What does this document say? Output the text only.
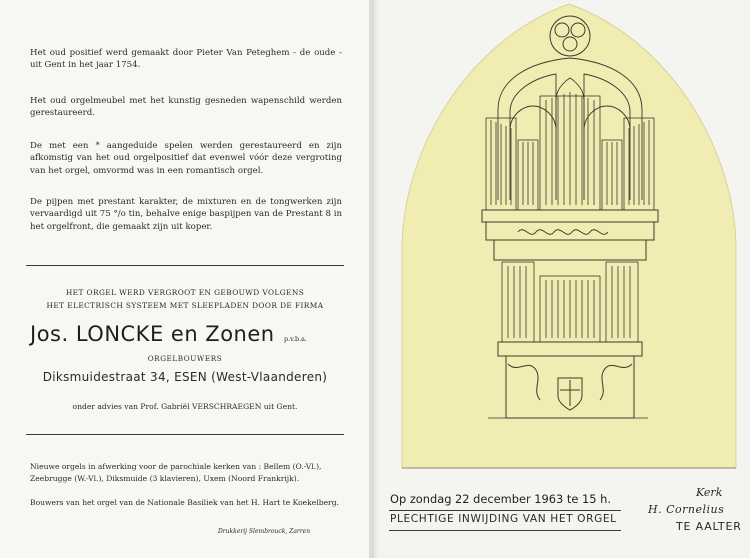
Het oud positief werd gemaakt door Pieter Van Peteghem - de oude - uit Gent in het jaar 1754.
Het oud orgelmeubel met het kunstig gesneden wapenschild werden gerestaureerd.
De met een * aangeduide spelen werden gerestaureerd en zijn afkomstig van het oud orgelpositief dat evenwel vóór deze vergroting van het orgel, omvormd was in een romantisch orgel.
De pijpen met prestant karakter, de mixturen en de tongwerken zijn vervaardigd uit 75 °/o tin, behalve enige baspijpen van de Prestant 8 in het orgelfront, die gemaakt zijn uit koper.
HET ORGEL WERD VERGROOT EN GEBOUWD VOLGENS
HET ELECTRISCH SYSTEEM MET SLEEPLADEN DOOR DE FIRMA
Jos. LONCKE en Zonen p.v.b.a.
ORGELBOUWERS
Diksmuidestraat 34, ESEN (West-Vlaanderen)
onder advies van Prof. Gabriël VERSCHRAEGEN uit Gent.
Nieuwe orgels in afwerking voor de parochiale kerken van : Bellem (O.-Vl.), Zeebrugge (W.-Vl.), Diksmuide (3 klavieren), Uxem (Noord Frankrijk).
Bouwers van het orgel van de Nationale Basiliek van het H. Hart te Koekelberg.
Drukkerij Slembrouck, Zarren
Op zondag 22 december 1963 te 15 h.
PLECHTIGE INWIJDING VAN HET ORGEL
Kerk
H. Cornelius
TE AALTER
